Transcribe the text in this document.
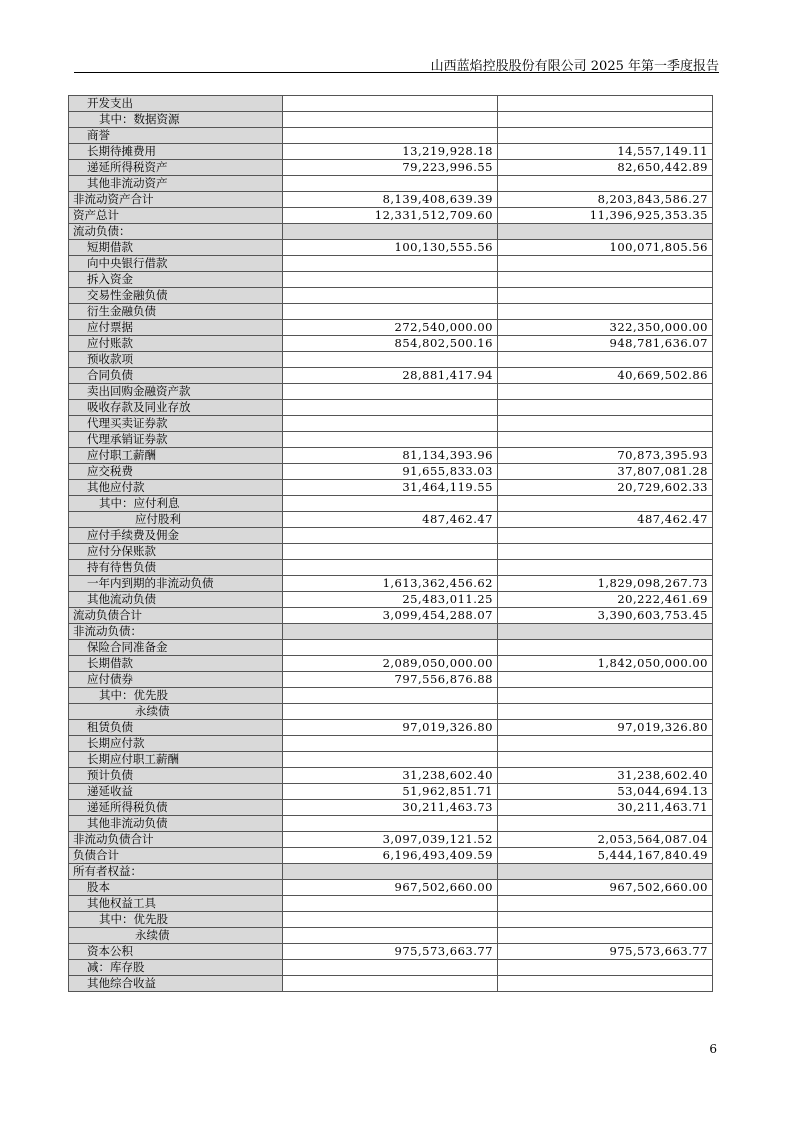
山西蓝焰控股股份有限公司 2025 年第一季度报告
开发支出		
其中：数据资源		
商誉		
长期待摊费用	13,219,928.18	14,557,149.11
递延所得税资产	79,223,996.55	82,650,442.89
其他非流动资产		
非流动资产合计	8,139,408,639.39	8,203,843,586.27
资产总计	12,331,512,709.60	11,396,925,353.35
流动负债：		
短期借款	100,130,555.56	100,071,805.56
向中央银行借款		
拆入资金		
交易性金融负债		
衍生金融负债		
应付票据	272,540,000.00	322,350,000.00
应付账款	854,802,500.16	948,781,636.07
预收款项		
合同负债	28,881,417.94	40,669,502.86
卖出回购金融资产款		
吸收存款及同业存放		
代理买卖证券款		
代理承销证券款		
应付职工薪酬	81,134,393.96	70,873,395.93
应交税费	91,655,833.03	37,807,081.28
其他应付款	31,464,119.55	20,729,602.33
其中：应付利息		
应付股利	487,462.47	487,462.47
应付手续费及佣金		
应付分保账款		
持有待售负债		
一年内到期的非流动负债	1,613,362,456.62	1,829,098,267.73
其他流动负债	25,483,011.25	20,222,461.69
流动负债合计	3,099,454,288.07	3,390,603,753.45
非流动负债：		
保险合同准备金		
长期借款	2,089,050,000.00	1,842,050,000.00
应付债券	797,556,876.88	
其中：优先股		
永续债		
租赁负债	97,019,326.80	97,019,326.80
长期应付款		
长期应付职工薪酬		
预计负债	31,238,602.40	31,238,602.40
递延收益	51,962,851.71	53,044,694.13
递延所得税负债	30,211,463.73	30,211,463.71
其他非流动负债		
非流动负债合计	3,097,039,121.52	2,053,564,087.04
负债合计	6,196,493,409.59	5,444,167,840.49
所有者权益：		
股本	967,502,660.00	967,502,660.00
其他权益工具		
其中：优先股		
永续债		
资本公积	975,573,663.77	975,573,663.77
减：库存股		
其他综合收益		
6
